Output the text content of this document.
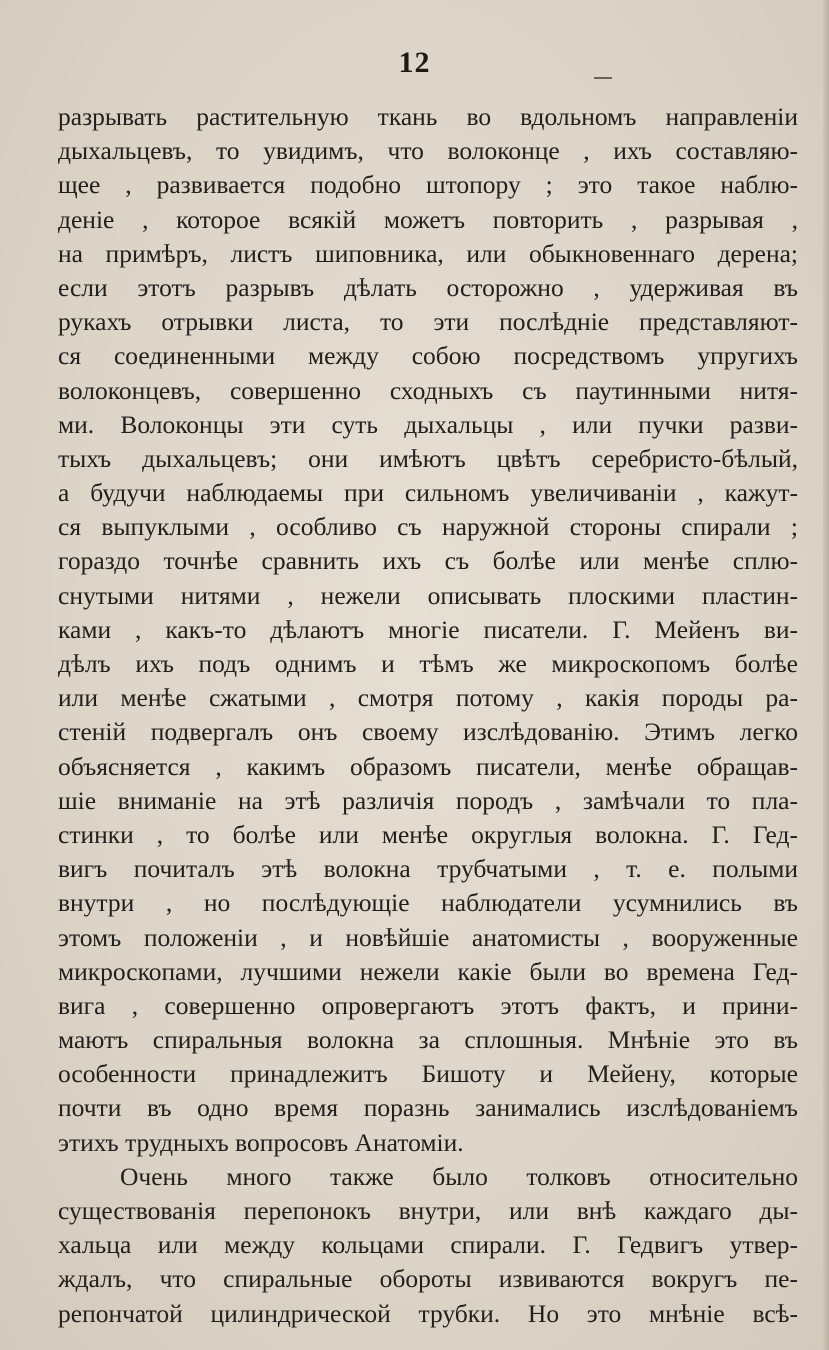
12
разрывать растительную ткань во вдольномъ направленіи
дыхальцевъ, то увидимъ, что волоконце , ихъ составляю-
щее , развивается подобно штопору ; это такое наблю-
деніе , которое всякій можетъ повторить , разрывая ,
на примѣръ, листъ шиповника, или обыкновеннаго дерена;
если этотъ разрывъ дѣлать осторожно , удерживая въ
рукахъ отрывки листа, то эти послѣдніе представляют-
ся соединенными между собою посредствомъ упругихъ
волоконцевъ, совершенно сходныхъ съ паутинными нитя-
ми. Волоконцы эти суть дыхальцы , или пучки разви-
тыхъ дыхальцевъ; они имѣютъ цвѣтъ серебристо-бѣлый,
а будучи наблюдаемы при сильномъ увеличиваніи , кажут-
ся выпуклыми , особливо съ наружной стороны спирали ;
гораздо точнѣе сравнить ихъ съ болѣе или менѣе сплю-
снутыми нитями , нежели описывать плоскими пластин-
ками , какъ-то дѣлаютъ многіе писатели. Г. Мейенъ ви-
дѣлъ ихъ подъ однимъ и тѣмъ же микроскопомъ болѣе
или менѣе сжатыми , смотря потому , какія породы ра-
стеній подвергалъ онъ своему изслѣдованію. Этимъ легко
объясняется , какимъ образомъ писатели, менѣе обращав-
шіе вниманіе на этѣ различія породъ , замѣчали то пла-
стинки , то болѣе или менѣе округлыя волокна. Г. Гед-
вигъ почиталъ этѣ волокна трубчатыми , т. е. полыми
внутри , но послѣдующіе наблюдатели усумнились въ
этомъ положеніи , и новѣйшіе анатомисты , вооруженные
микроскопами, лучшими нежели какіе были во времена Гед-
вига , совершенно опровергаютъ этотъ фактъ, и прини-
маютъ спиральныя волокна за сплошныя. Мнѣніе это въ
особенности принадлежитъ Бишоту и Мейену, которые
почти въ одно время поразнь занимались изслѣдованіемъ
этихъ трудныхъ вопросовъ Анатоміи.
Очень много также было толковъ относительно
существованія перепонокъ внутри, или внѣ каждаго ды-
хальца или между кольцами спирали. Г. Гедвигъ утвер-
ждалъ, что спиральные обороты извиваются вокругъ пе-
репончатой цилиндрической трубки. Но это мнѣніе всѣ-
